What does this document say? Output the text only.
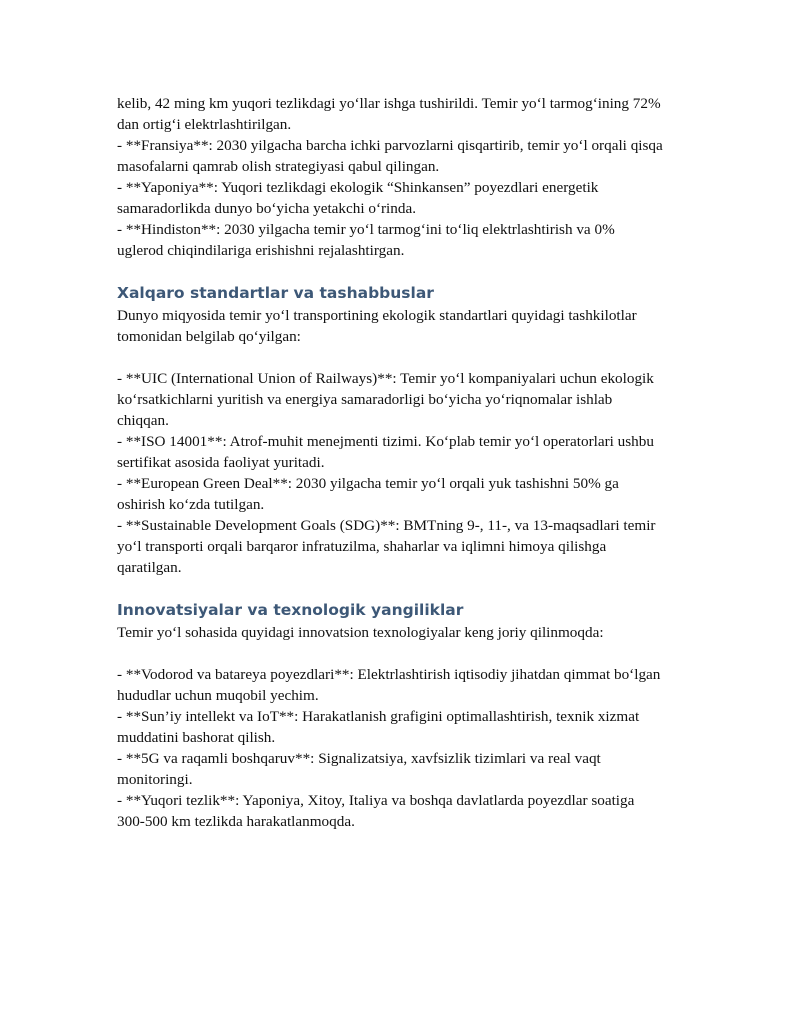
kelib, 42 ming km yuqori tezlikdagi yo‘llar ishga tushirildi. Temir yo‘l tarmog‘ining 72%
dan ortig‘i elektrlashtirilgan.
- **Fransiya**: 2030 yilgacha barcha ichki parvozlarni qisqartirib, temir yo‘l orqali qisqa
masofalarni qamrab olish strategiyasi qabul qilingan.
- **Yaponiya**: Yuqori tezlikdagi ekologik “Shinkansen” poyezdlari energetik
samaradorlikda dunyo bo‘yicha yetakchi o‘rinda.
- **Hindiston**: 2030 yilgacha temir yo‘l tarmog‘ini to‘liq elektrlashtirish va 0%
uglerod chiqindilariga erishishni rejalashtirgan.
Xalqaro standartlar va tashabbuslar
Dunyo miqyosida temir yo‘l transportining ekologik standartlari quyidagi tashkilotlar
tomonidan belgilab qo‘yilgan:
- **UIC (International Union of Railways)**: Temir yo‘l kompaniyalari uchun ekologik
ko‘rsatkichlarni yuritish va energiya samaradorligi bo‘yicha yo‘riqnomalar ishlab
chiqqan.
- **ISO 14001**: Atrof-muhit menejmenti tizimi. Ko‘plab temir yo‘l operatorlari ushbu
sertifikat asosida faoliyat yuritadi.
- **European Green Deal**: 2030 yilgacha temir yo‘l orqali yuk tashishni 50% ga
oshirish ko‘zda tutilgan.
- **Sustainable Development Goals (SDG)**: BMTning 9-, 11-, va 13-maqsadlari temir
yo‘l transporti orqali barqaror infratuzilma, shaharlar va iqlimni himoya qilishga
qaratilgan.
Innovatsiyalar va texnologik yangiliklar
Temir yo‘l sohasida quyidagi innovatsion texnologiyalar keng joriy qilinmoqda:
- **Vodorod va batareya poyezdlari**: Elektrlashtirish iqtisodiy jihatdan qimmat bo‘lgan
hududlar uchun muqobil yechim.
- **Sun’iy intellekt va IoT**: Harakatlanish grafigini optimallashtirish, texnik xizmat
muddatini bashorat qilish.
- **5G va raqamli boshqaruv**: Signalizatsiya, xavfsizlik tizimlari va real vaqt
monitoringi.
- **Yuqori tezlik**: Yaponiya, Xitoy, Italiya va boshqa davlatlarda poyezdlar soatiga
300-500 km tezlikda harakatlanmoqda.
